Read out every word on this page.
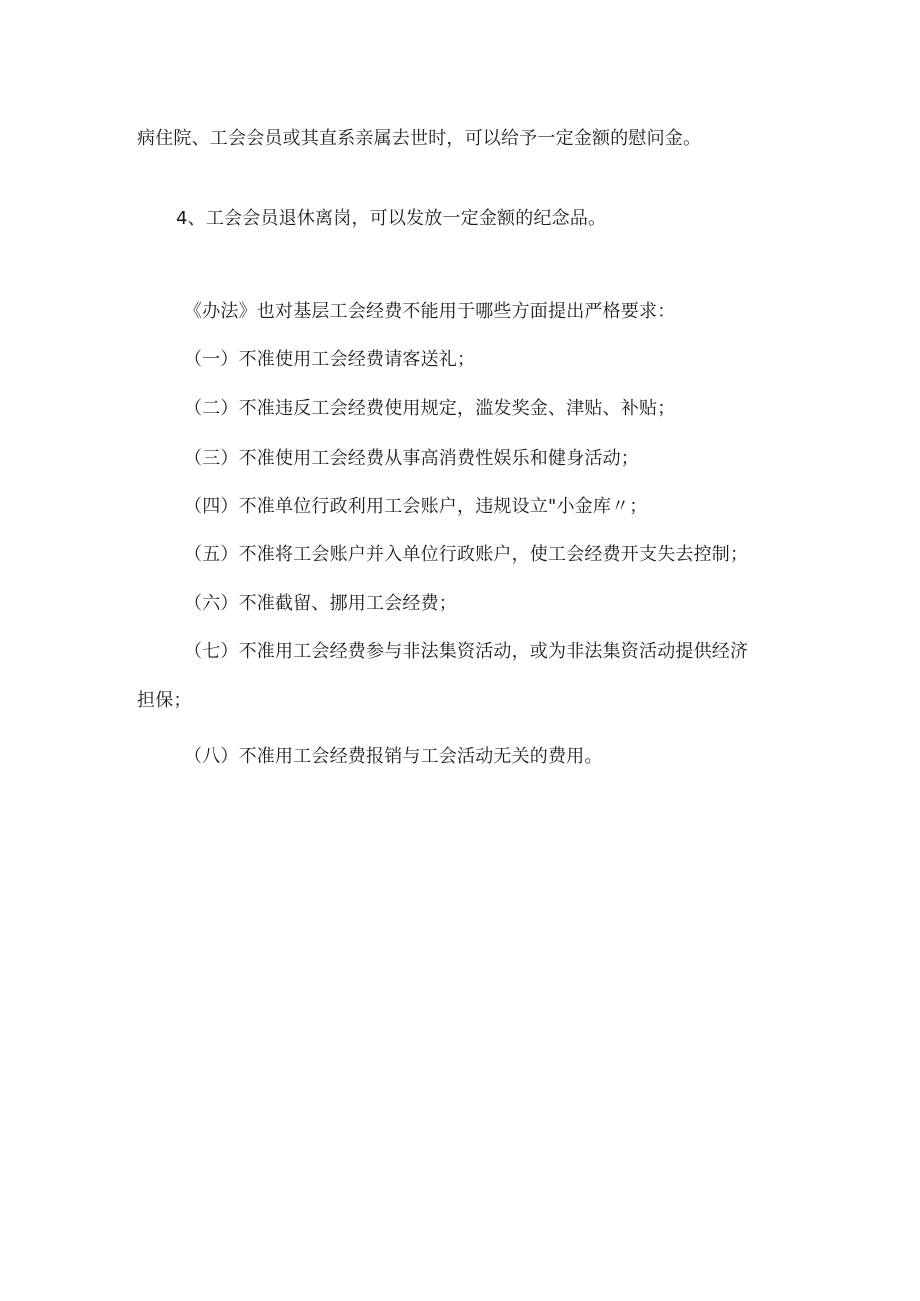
病住院、工会会员或其直系亲属去世时，可以给予一定金额的慰问金。
4、工会会员退休离岗，可以发放一定金额的纪念品。
《办法》也对基层工会经费不能用于哪些方面提出严格要求：
（一）不准使用工会经费请客送礼；
（二）不准违反工会经费使用规定，滥发奖金、津贴、补贴；
（三）不准使用工会经费从事高消费性娱乐和健身活动；
（四）不准单位行政利用工会账户，违规设立"小金库〃；
（五）不准将工会账户并入单位行政账户，使工会经费开支失去控制；
（六）不准截留、挪用工会经费；
（七）不准用工会经费参与非法集资活动，或为非法集资活动提供经济
担保；
（八）不准用工会经费报销与工会活动无关的费用。
